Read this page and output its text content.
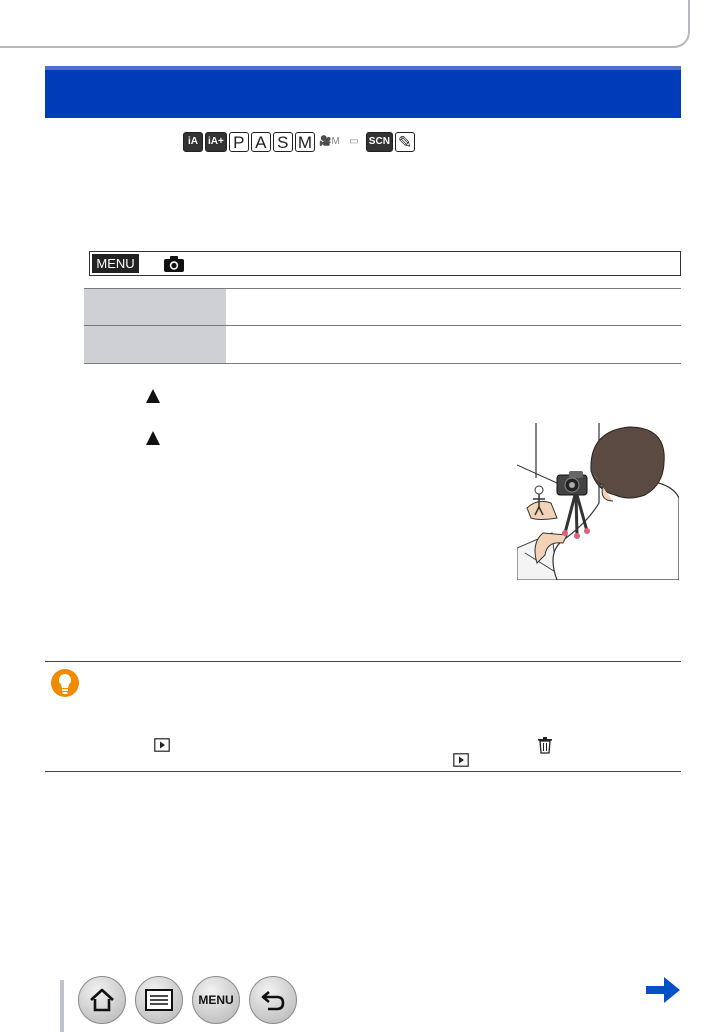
iA	iA+ P A S M 🎥M ▭	SCN ✎
MENU

MENU
